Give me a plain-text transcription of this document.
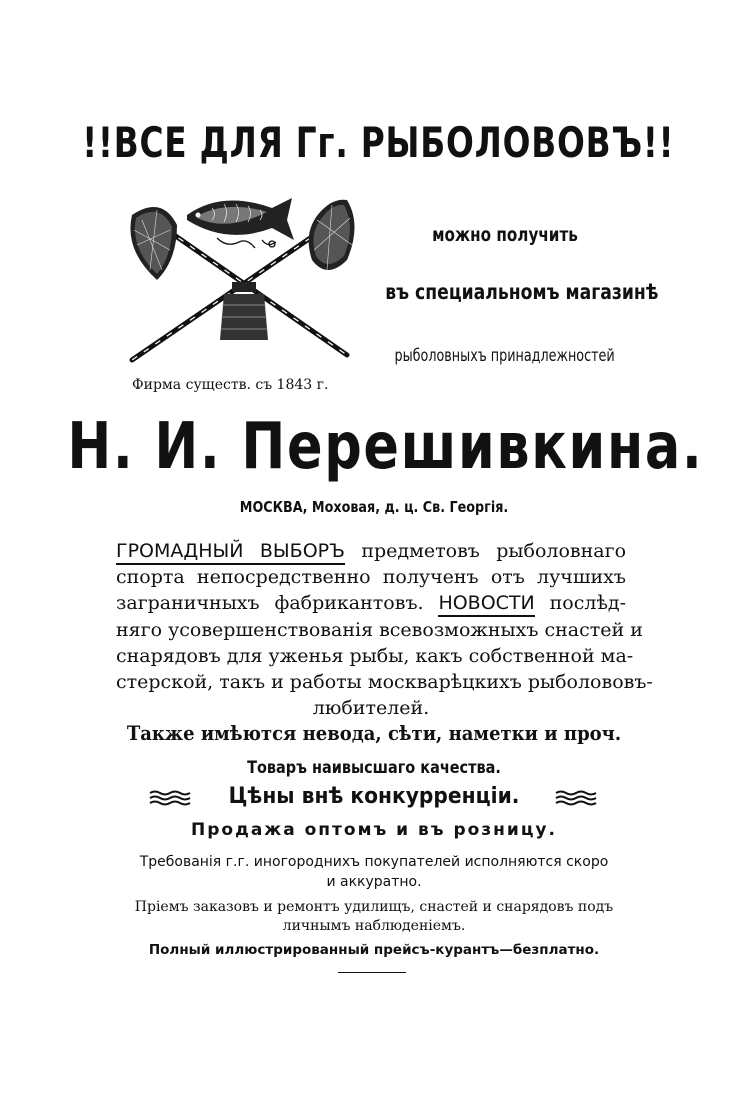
!!ВСЕ ДЛЯ Гг. РЫБОЛОВОВЪ!!
можно получить
въ специальномъ магазинѣ
рыболовныхъ принадлежностей
Фирма существ. съ 1843 г.
Н. И. Перешивкина.
МОСКВА, Моховая, д. ц. Св. Георгія.
ГРОМАДНЫЙ ВЫБОРЪ предметовъ рыболовнаго
спорта непосредственно полученъ отъ лучшихъ
заграничныхъ фабрикантовъ. НОВОСТИ послѣд-
няго усовершенствованія всевозможныхъ снастей и
снарядовъ для уженья рыбы, какъ собственной ма-
стерской, такъ и работы москварѣцкихъ рыболововъ-
любителей.
Также имѣются невода, сѣти, наметки и проч.
Товаръ наивысшаго качества.
Цѣны внѣ конкурренціи.
Продажа оптомъ и въ розницу.
Требованія г.г. иногороднихъ покупателей исполняются скоро
и аккуратно.
Прiемъ заказовъ и ремонтъ удилищъ, снастей и снарядовъ подъ
личнымъ наблюденіемъ.
Полный иллюстрированный прейсъ-курантъ—безплатно.
